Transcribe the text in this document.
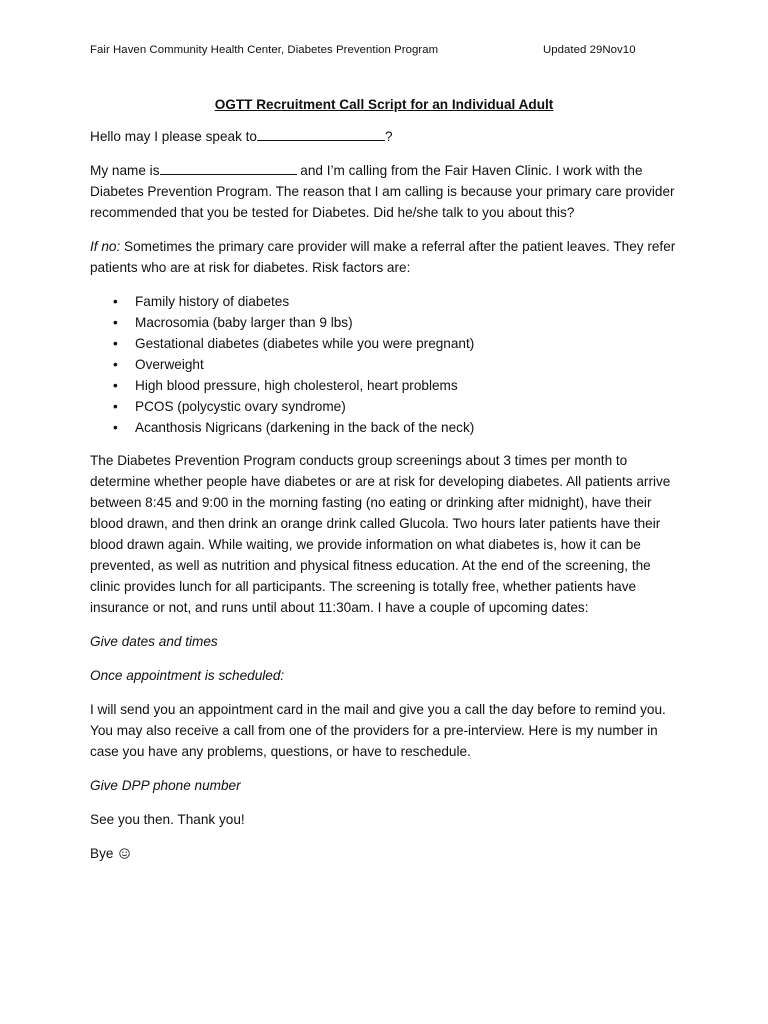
Fair Haven Community Health Center, Diabetes Prevention Program	Updated 29Nov10
OGTT Recruitment Call Script for an Individual Adult

Hello may I please speak to	?

My name is	and I’m calling from the Fair Haven Clinic. I work with the Diabetes Prevention Program. The reason that I am calling is because your primary care provider recommended that you be tested for Diabetes. Did he/she talk to you about this?

If no: Sometimes the primary care provider will make a referral after the patient leaves. They refer patients who are at risk for diabetes. Risk factors are:

• Family history of diabetes
• Macrosomia (baby larger than 9 lbs)
• Gestational diabetes (diabetes while you were pregnant)
• Overweight
• High blood pressure, high cholesterol, heart problems
• PCOS (polycystic ovary syndrome)
• Acanthosis Nigricans (darkening in the back of the neck)

The Diabetes Prevention Program conducts group screenings about 3 times per month to determine whether people have diabetes or are at risk for developing diabetes. All patients arrive between 8:45 and 9:00 in the morning fasting (no eating or drinking after midnight), have their blood drawn, and then drink an orange drink called Glucola. Two hours later patients have their blood drawn again. While waiting, we provide information on what diabetes is, how it can be prevented, as well as nutrition and physical fitness education. At the end of the screening, the clinic provides lunch for all participants. The screening is totally free, whether patients have insurance or not, and runs until about 11:30am. I have a couple of upcoming dates:

Give dates and times

Once appointment is scheduled:

I will send you an appointment card in the mail and give you a call the day before to remind you. You may also receive a call from one of the providers for a pre-interview. Here is my number in case you have any problems, questions, or have to reschedule.

Give DPP phone number

See you then. Thank you!

Bye
